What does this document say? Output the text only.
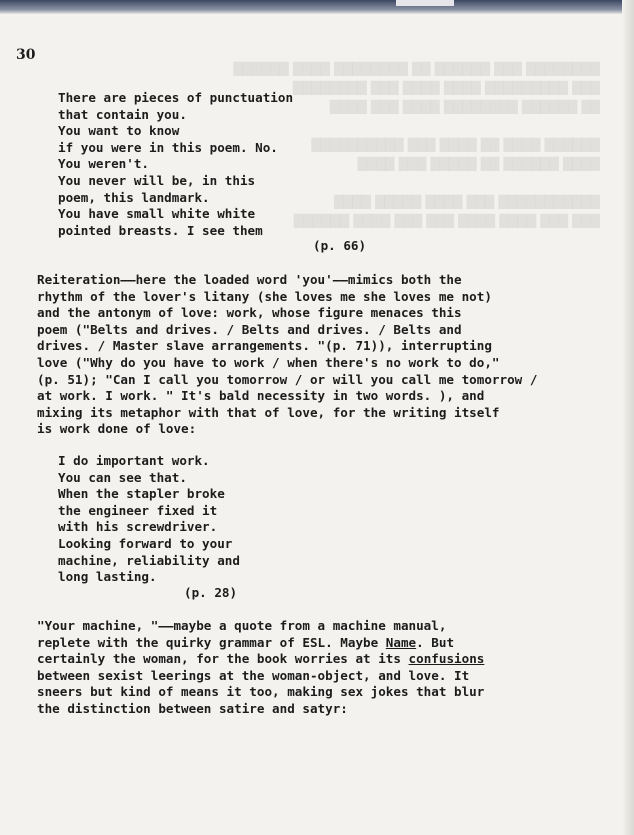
████████ ███ ██████ ██ ████████ ████ ██████
███ █████████ ████ ████ ███ ████████
██ ██████ ████████ ████ ███ ████

██████ ████ ██ ████ ███ ██████████
████ ██████ ██ █████ ███ ████

███████████ ███ ████ █████ ████
███ ███ ████ ████ ███ ███ ████ ██████
30
There are pieces of punctuation
that contain you.
You want to know
if you were in this poem. No.
You weren't.
You never will be, in this
poem, this landmark.
You have small white white
pointed breasts. I see them
(p. 66)
Reiteration——here the loaded word 'you'——mimics both the
rhythm of the lover's litany (she loves me she loves me not)
and the antonym of love: work, whose figure menaces this
poem ("Belts and drives. / Belts and drives. / Belts and
drives. / Master slave arrangements. "(p. 71)), interrupting
love ("Why do you have to work / when there's no work to do,"
(p. 51); "Can I call you tomorrow / or will you call me tomorrow /
at work. I work. " It's bald necessity in two words. ), and
mixing its metaphor with that of love, for the writing itself
is work done of love:
I do important work.
You can see that.
When the stapler broke
the engineer fixed it
with his screwdriver.
Looking forward to your
machine, reliability and
long lasting.
(p. 28)
"Your machine, "——maybe a quote from a machine manual,
replete with the quirky grammar of ESL. Maybe Name. But
certainly the woman, for the book worries at its confusions
between sexist leerings at the woman-object, and love. It
sneers but kind of means it too, making sex jokes that blur
the distinction between satire and satyr:
